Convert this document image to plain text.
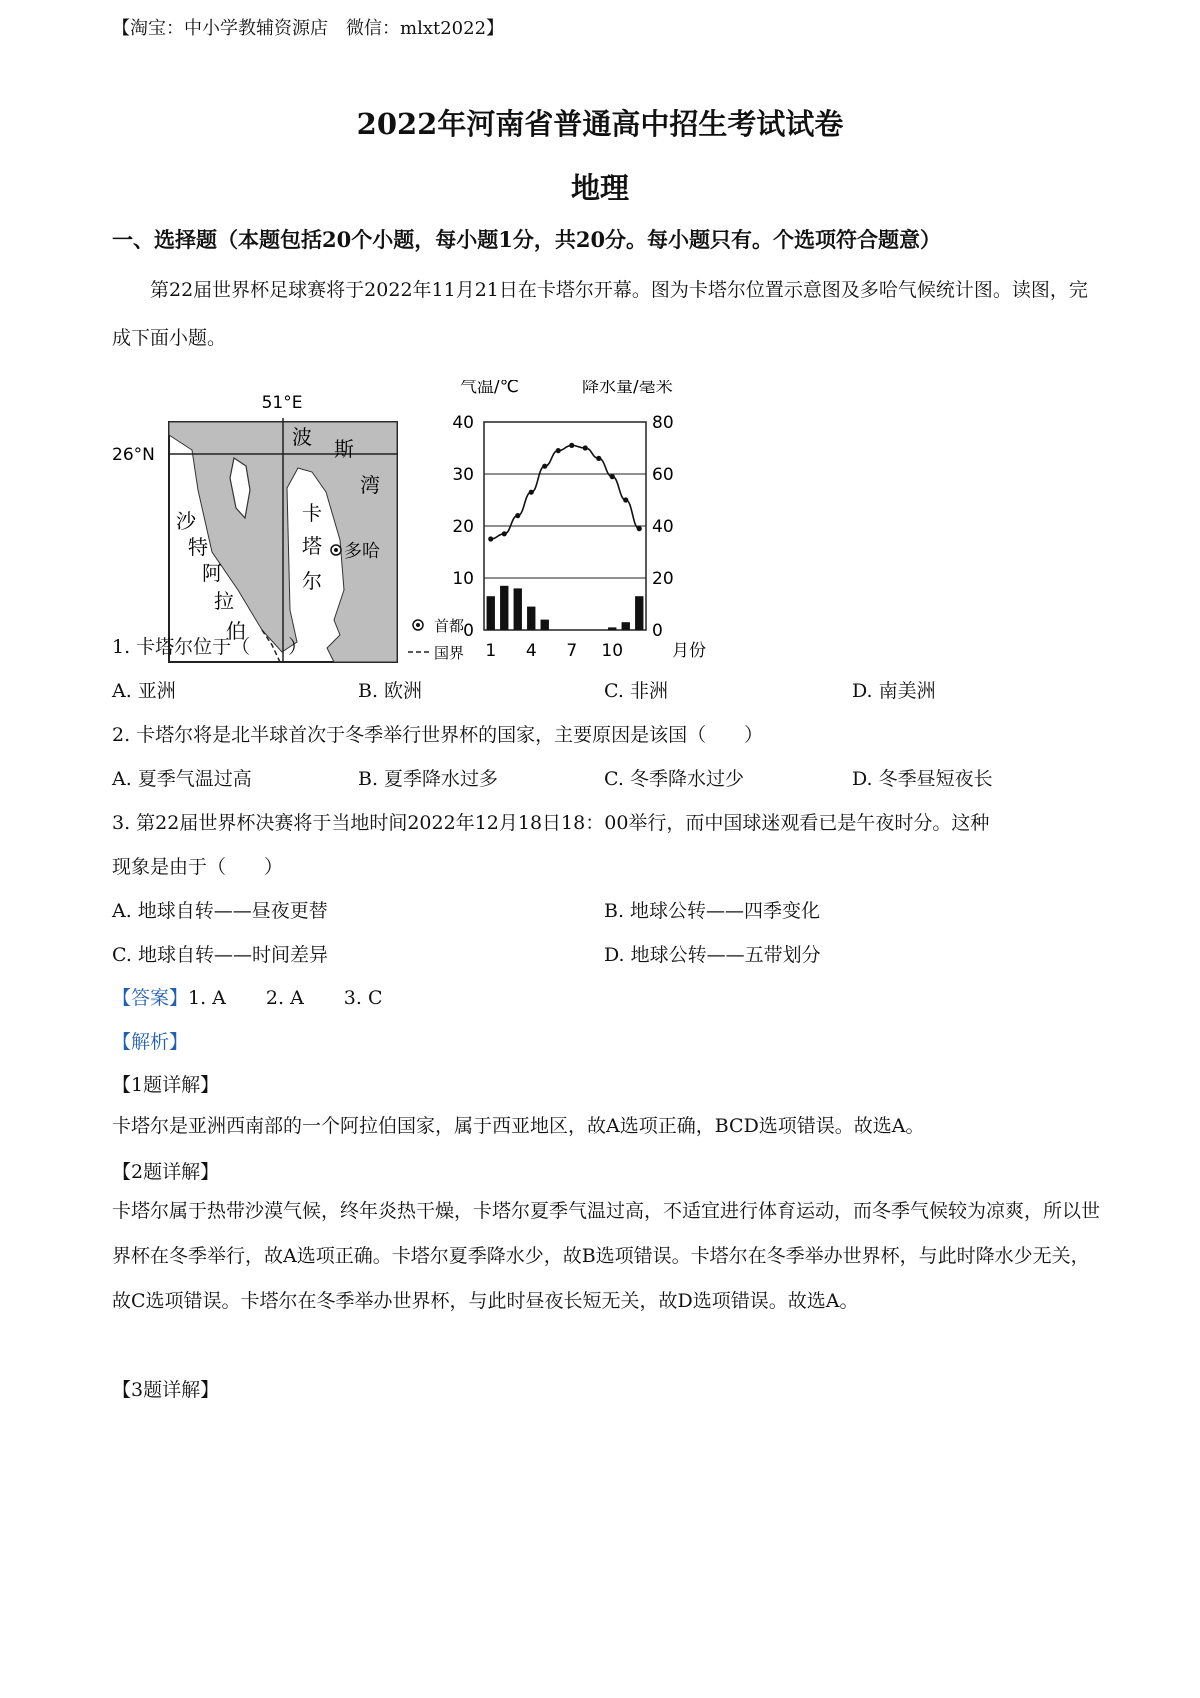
【淘宝：中小学教辅资源店　微信：mlxt2022】
2022年河南省普通高中招生考试试卷
地理
一、选择题（本题包括20个小题，每小题1分，共20分。每小题只有。个选项符合题意）
第22届世界杯足球赛将于2022年11月21日在卡塔尔开幕。图为卡塔尔位置示意图及多哈气候统计图。读图，完成下面小题。
51°E
26°N
波 斯
湾
卡
塔
尔
多哈
沙
特
阿
拉
伯	首都
国界
气温/℃	降水量/毫米
月份
40
30
20
10
0
80
60
40
20
0
1 4 7 10
1. 卡塔尔位于（　　）
A. 亚洲	B. 欧洲	C. 非洲	D. 南美洲
2. 卡塔尔将是北半球首次于冬季举行世界杯的国家，主要原因是该国（　　）
A. 夏季气温过高	B. 夏季降水过多	C. 冬季降水过少	D. 冬季昼短夜长
3. 第22届世界杯决赛将于当地时间2022年12月18日18：00举行，而中国球迷观看已是午夜时分。这种
现象是由于（　　）
A. 地球自转——昼夜更替	B. 地球公转——四季变化
C. 地球自转——时间差异	D. 地球公转——五带划分
【答案】1. A 2. A 3. C
【解析】
【1题详解】
卡塔尔是亚洲西南部的一个阿拉伯国家，属于西亚地区，故A选项正确，BCD选项错误。故选A。
【2题详解】
卡塔尔属于热带沙漠气候，终年炎热干燥，卡塔尔夏季气温过高，不适宜进行体育运动，而冬季气候较为凉爽，所以世界杯在冬季举行，故A选项正确。卡塔尔夏季降水少，故B选项错误。卡塔尔在冬季举办世界杯，与此时降水少无关，故C选项错误。卡塔尔在冬季举办世界杯，与此时昼夜长短无关，故D选项错误。故选A。
【3题详解】
